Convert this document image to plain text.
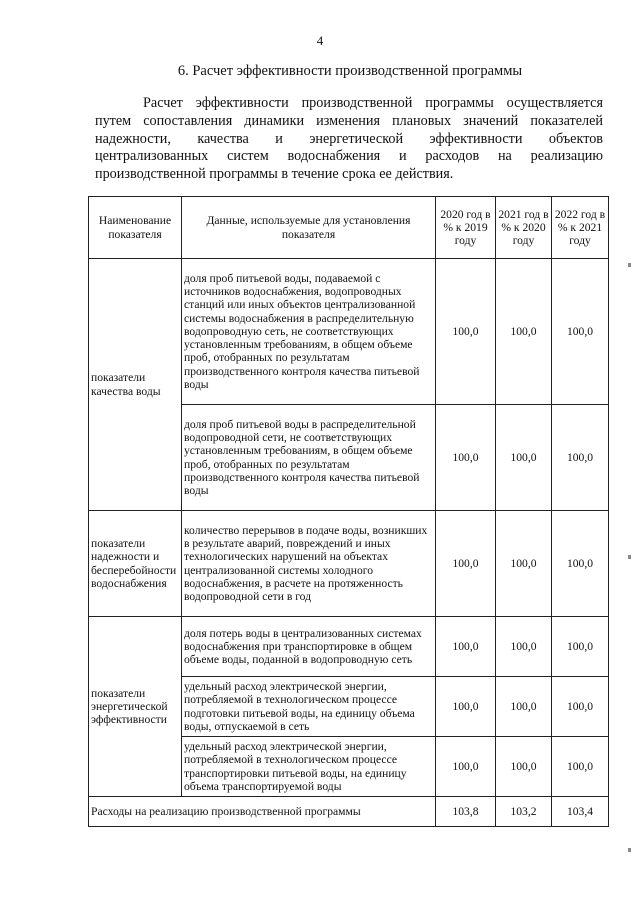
4
6. Расчет эффективности производственной программы
Расчет эффективности производственной программы осуществляется путем сопоставления динамики изменения плановых значений показателей надежности, качества и энергетической эффективности объектов централизованных систем водоснабжения и расходов на реализацию производственной программы в течение срока ее действия.
Наименование показателя	Данные, используемые для установления показателя	2020 год в % к 2019 году	2021 год в % к 2020 году	2022 год в % к 2021 году
показатели качества воды	доля проб питьевой воды, подаваемой с источников водоснабжения, водопроводных станций или иных объектов централизованной системы водоснабжения в распределительную водопроводную сеть, не соответствующих установленным требованиям, в общем объеме проб, отобранных по результатам производственного контроля качества питьевой воды	100,0	100,0	100,0
	доля проб питьевой воды в распределительной водопроводной сети, не соответствующих установленным требованиям, в общем объеме проб, отобранных по результатам производственного контроля качества питьевой воды	100,0	100,0	100,0
показатели надежности и бесперебойности водоснабжения	количество перерывов в подаче воды, возникших в результате аварий, повреждений и иных технологических нарушений на объектах централизованной системы холодного водоснабжения, в расчете на протяженность водопроводной сети в год	100,0	100,0	100,0
показатели энергетической эффективности	доля потерь воды в централизованных системах водоснабжения при транспортировке в общем объеме воды, поданной в водопроводную сеть	100,0	100,0	100,0
	удельный расход электрической энергии, потребляемой в технологическом процессе подготовки питьевой воды, на единицу объема воды, отпускаемой в сеть	100,0	100,0	100,0
	удельный расход электрической энергии, потребляемой в технологическом процессе транспортировки питьевой воды, на единицу объема транспортируемой воды	100,0	100,0	100,0
Расходы на реализацию производственной программы		103,8	103,2	103,4
